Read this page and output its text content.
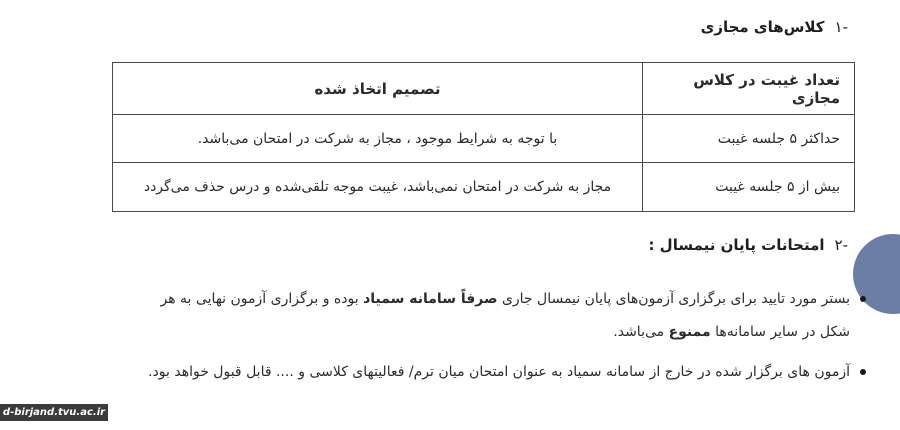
-۱کلاس‌های مجازی
تعداد غیبت در کلاس مجازی	تصمیم اتخاذ شده
حداکثر ۵ جلسه غیبت	با توجه به شرایط موجود ، مجاز به شرکت در امتحان می‌باشد.
بیش از ۵ جلسه غیبت	مجاز به شرکت در امتحان نمی‌باشد، غیبت موجه تلقی‌شده و درس حذف می‌گردد
-۲امتحانات پایان نیمسال :
بستر مورد تایید برای برگزاری آزمون‌های پایان نیمسال جاری صرفاً سامانه سمیاد بوده و برگزاری آزمون نهایی به هر شکل در سایر سامانه‌ها ممنوع می‌باشد.
آزمون های برگزار شده در خارج از سامانه سمیاد به عنوان امتحان میان ترم/ فعالیتهای کلاسی و .... قابل قبول خواهد بود.
d-birjand.tvu.ac.ir
